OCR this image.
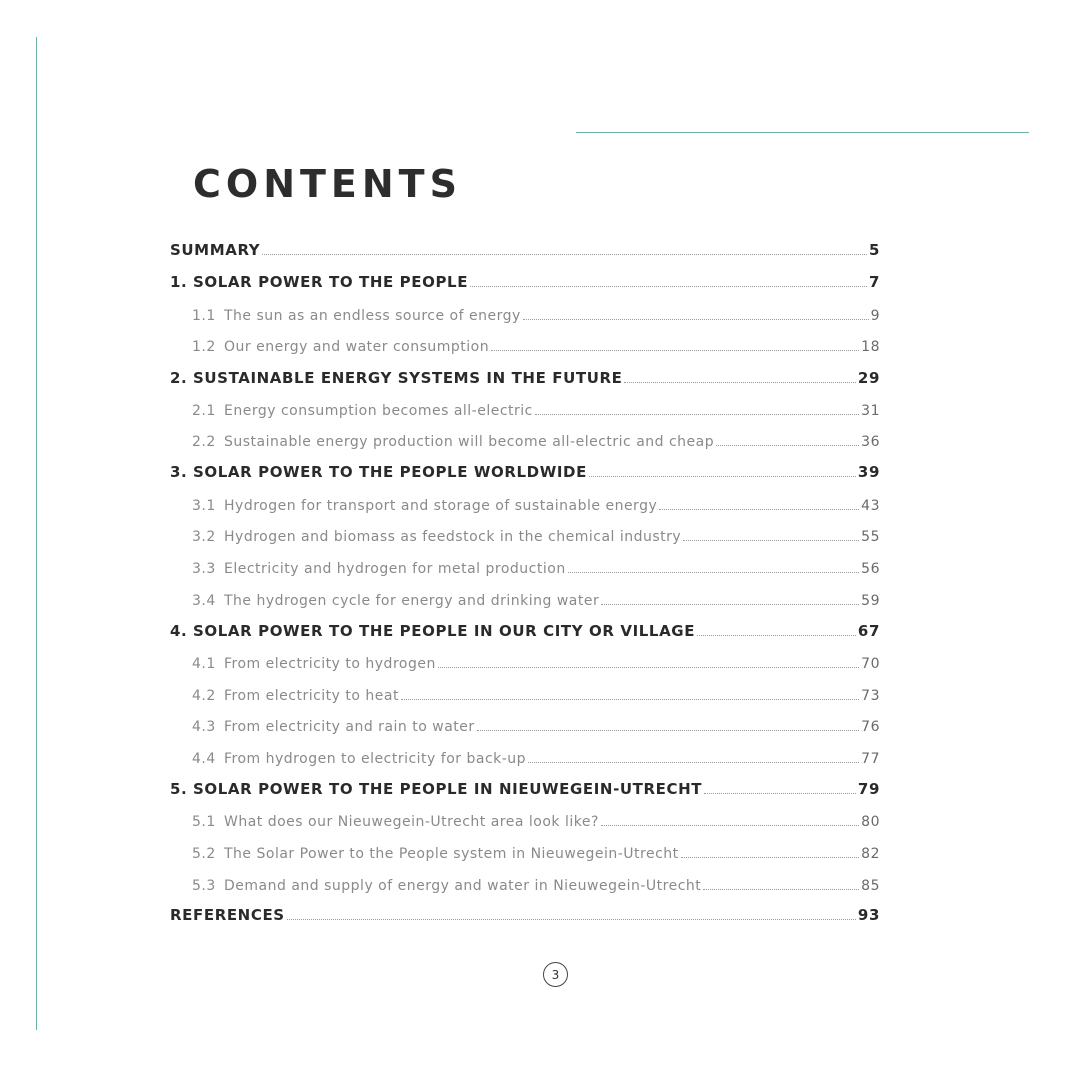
CONTENTS
SUMMARY	5
1. SOLAR POWER TO THE PEOPLE	7
1.1 The sun as an endless source of energy	9
1.2 Our energy and water consumption	18
2. SUSTAINABLE ENERGY SYSTEMS IN THE FUTURE	29
2.1 Energy consumption becomes all-electric	31
2.2 Sustainable energy production will become all-electric and cheap	36
3. SOLAR POWER TO THE PEOPLE WORLDWIDE	39
3.1 Hydrogen for transport and storage of sustainable energy	43
3.2 Hydrogen and biomass as feedstock in the chemical industry	55
3.3 Electricity and hydrogen for metal production	56
3.4 The hydrogen cycle for energy and drinking water	59
4. SOLAR POWER TO THE PEOPLE IN OUR CITY OR VILLAGE	67
4.1 From electricity to hydrogen	70
4.2 From electricity to heat	73
4.3 From electricity and rain to water	76
4.4 From hydrogen to electricity for back-up	77
5. SOLAR POWER TO THE PEOPLE IN NIEUWEGEIN-UTRECHT	79
5.1 What does our Nieuwegein-Utrecht area look like?	80
5.2 The Solar Power to the People system in Nieuwegein-Utrecht	82
5.3 Demand and supply of energy and water in Nieuwegein-Utrecht	85
REFERENCES	93
3
